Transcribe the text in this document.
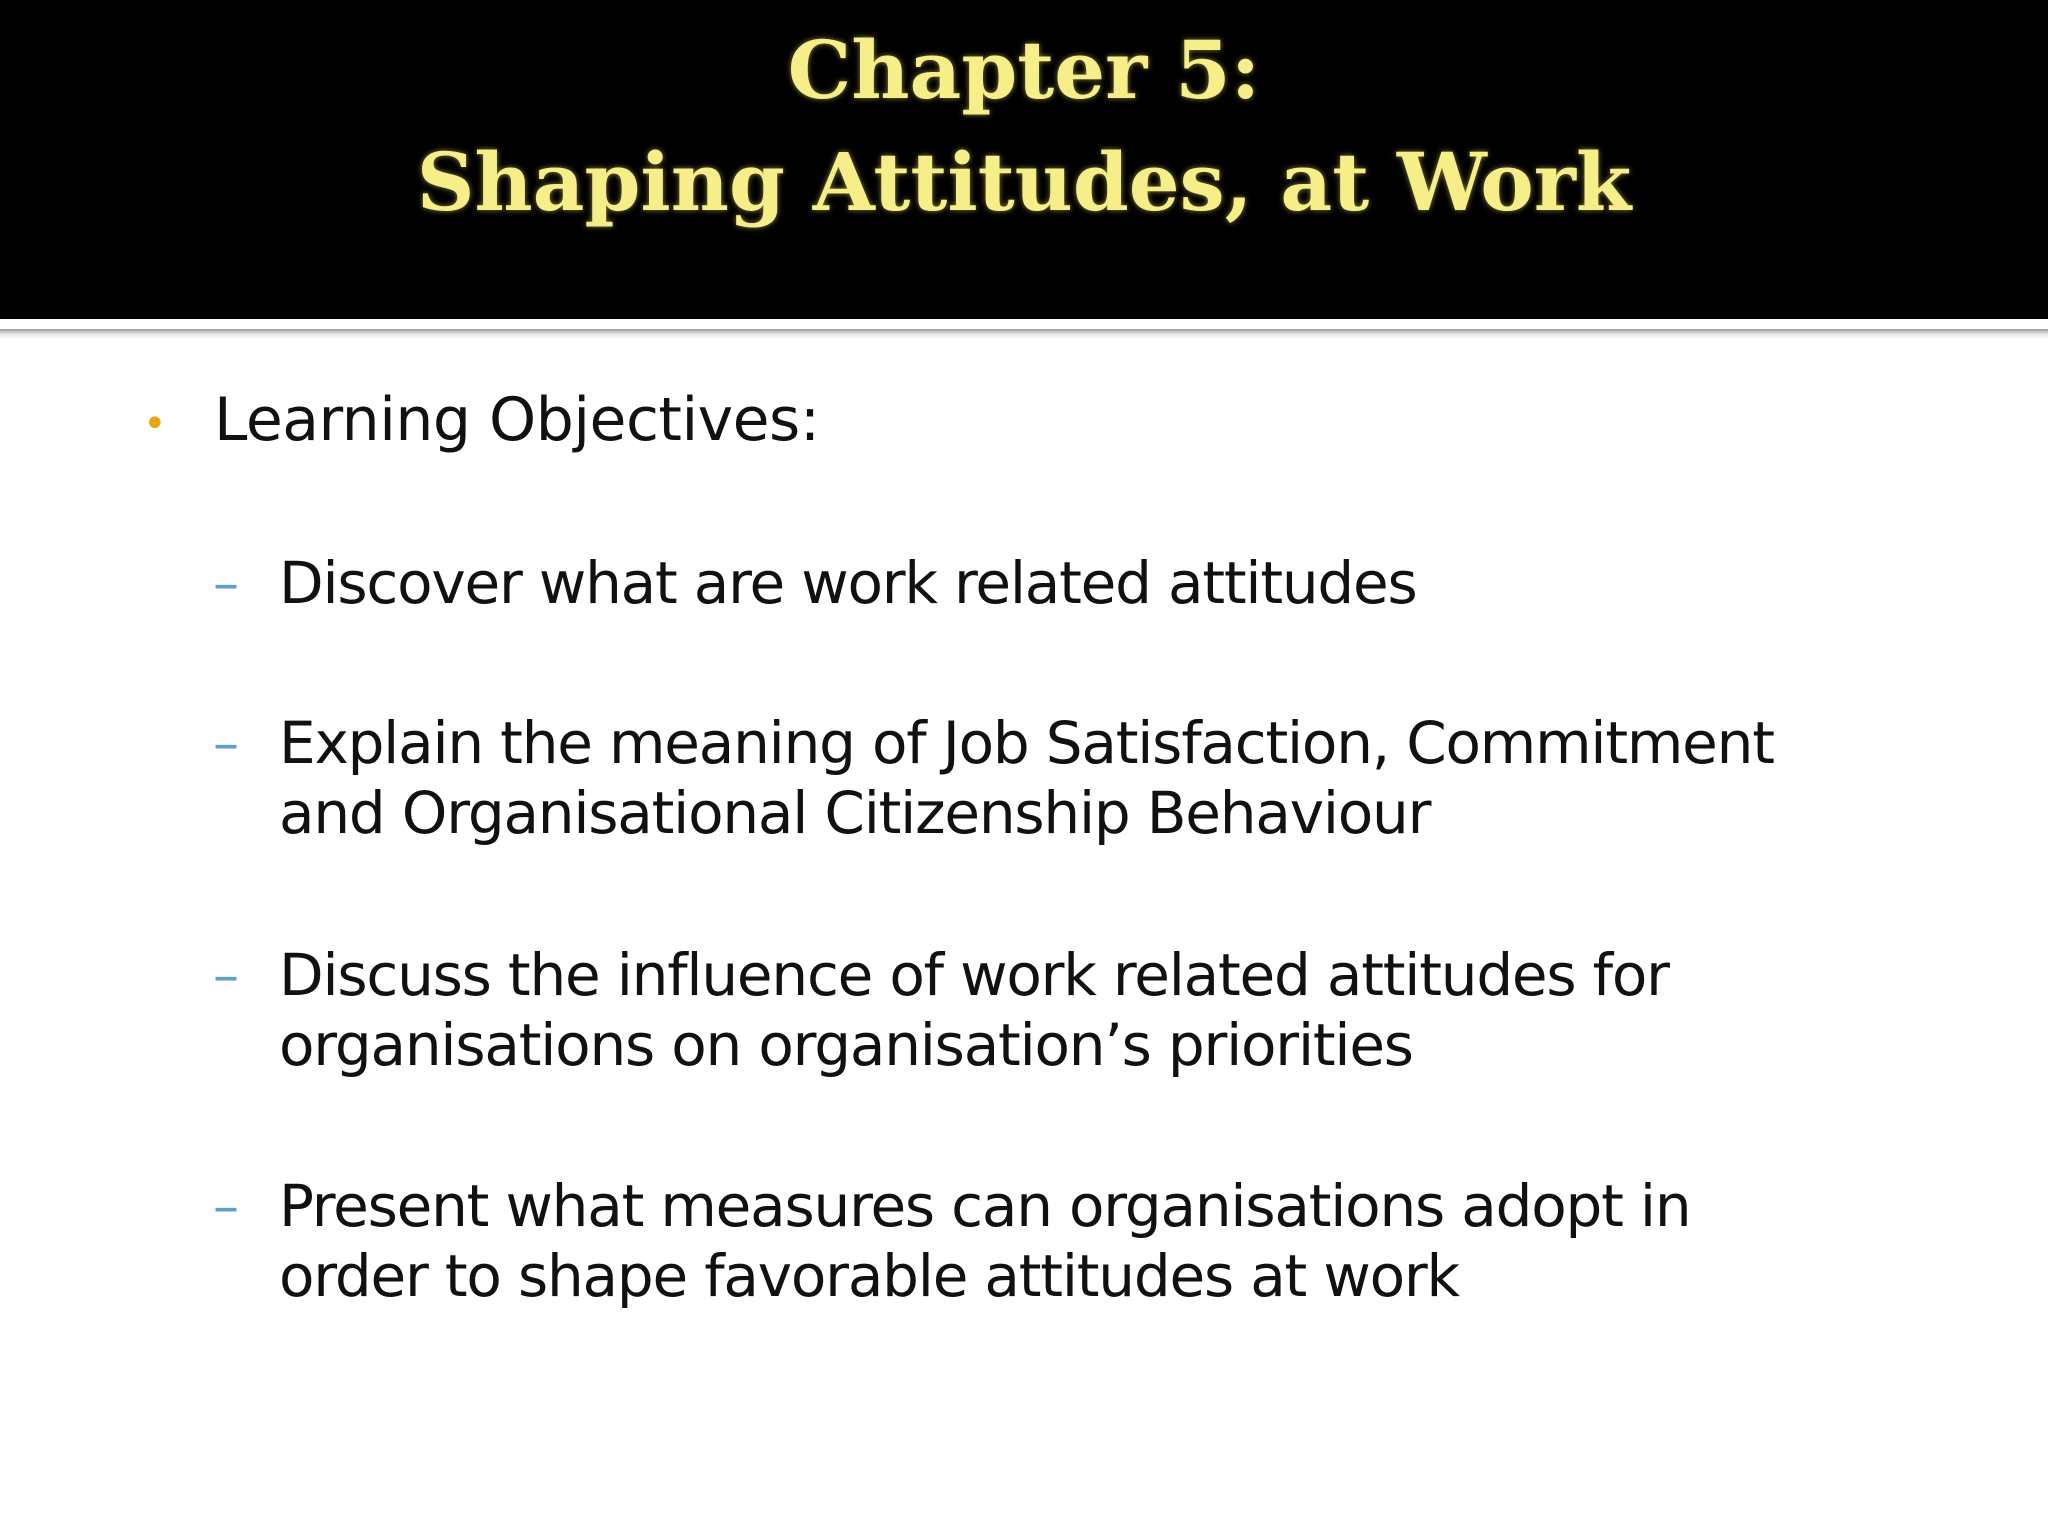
Chapter 5:
Shaping Attitudes, at Work
• Learning Objectives:
– Discover what are work related attitudes
– Explain the meaning of Job Satisfaction, Commitment
and Organisational Citizenship Behaviour
– Discuss the influence of work related attitudes for
organisations on organisation’s priorities
– Present what measures can organisations adopt in
order to shape favorable attitudes at work
